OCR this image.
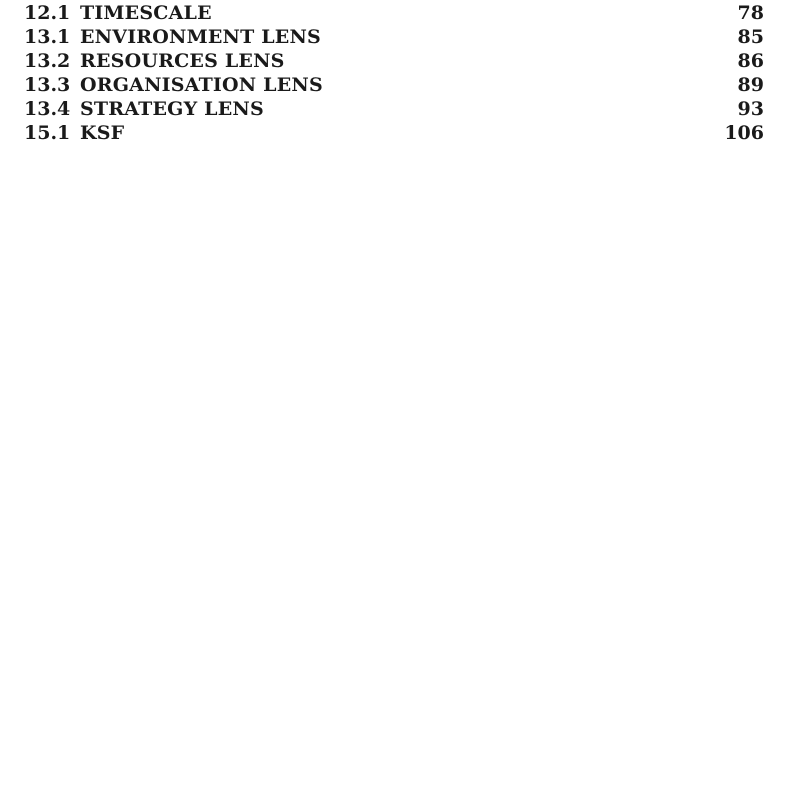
12.1 TIMESCALE	78
13.1 ENVIRONMENT LENS	85
13.2 RESOURCES LENS	86
13.3 ORGANISATION LENS	89
13.4 STRATEGY LENS	93
15.1 KSF	106
